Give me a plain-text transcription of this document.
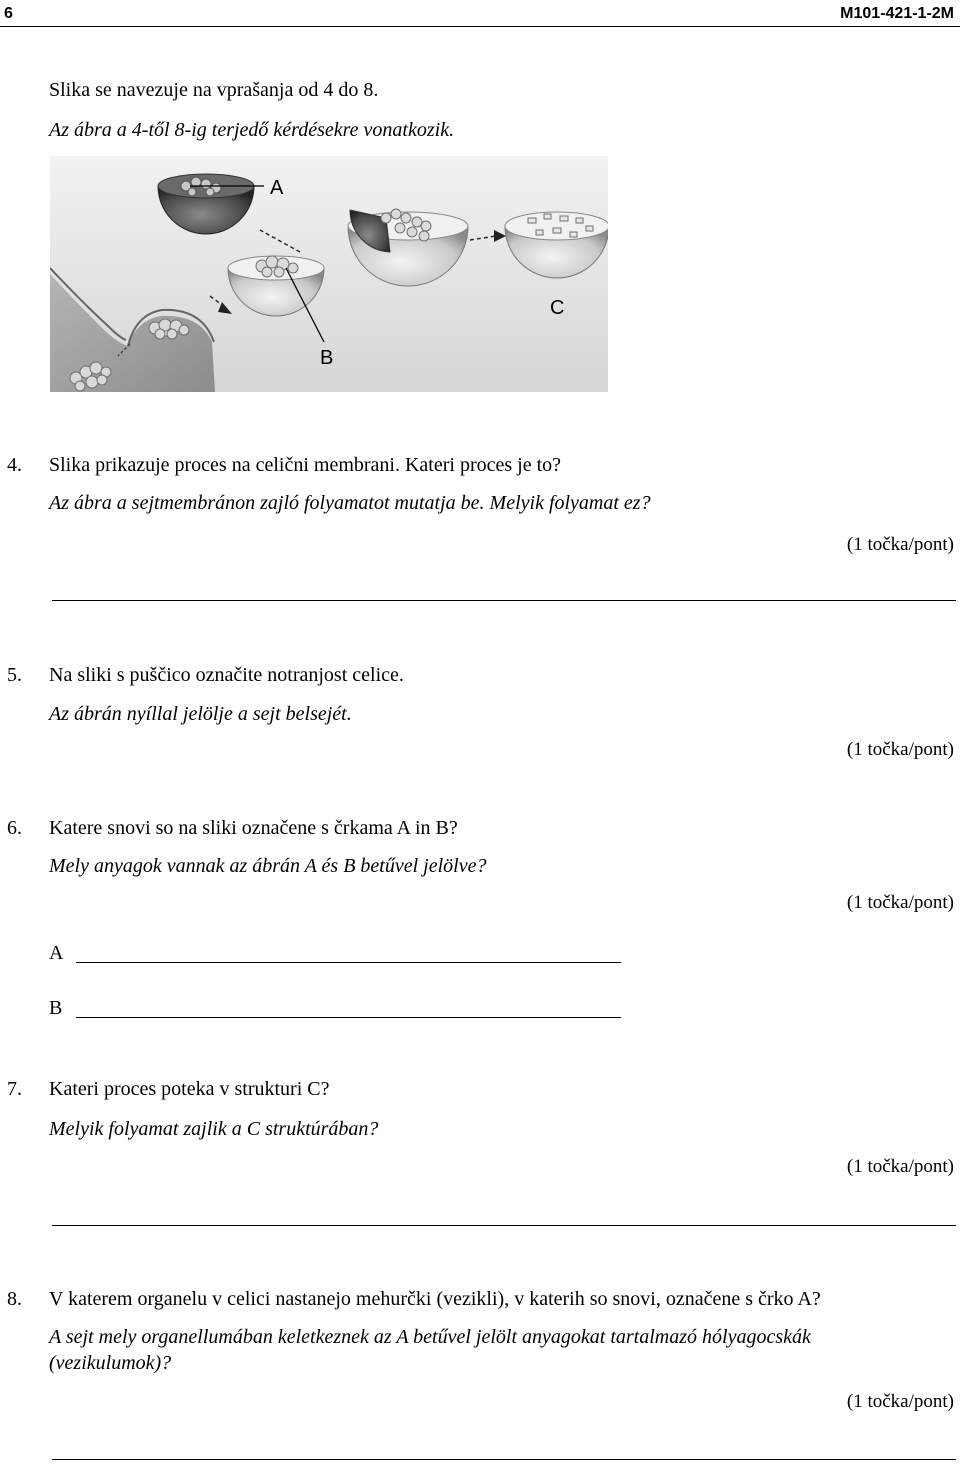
6	M101-421-1-2M
Slika se navezuje na vprašanja od 4 do 8.
Az ábra a 4-től 8-ig terjedő kérdésekre vonatkozik.
A
B
C
4. Slika prikazuje proces na celični membrani. Kateri proces je to?
Az ábra a sejtmembránon zajló folyamatot mutatja be. Melyik folyamat ez?
(1 točka/pont)
5. Na sliki s puščico označite notranjost celice.
Az ábrán nyíllal jelölje a sejt belsejét.
(1 točka/pont)
6. Katere snovi so na sliki označene s črkama A in B?
Mely anyagok vannak az ábrán A és B betűvel jelölve?
(1 točka/pont)
A
B
7. Kateri proces poteka v strukturi C?
Melyik folyamat zajlik a C struktúrában?
(1 točka/pont)
8. V katerem organelu v celici nastanejo mehurčki (vezikli), v katerih so snovi, označene s črko A?
A sejt mely organellumában keletkeznek az A betűvel jelölt anyagokat tartalmazó hólyagocskák
(vezikulumok)?
(1 točka/pont)
